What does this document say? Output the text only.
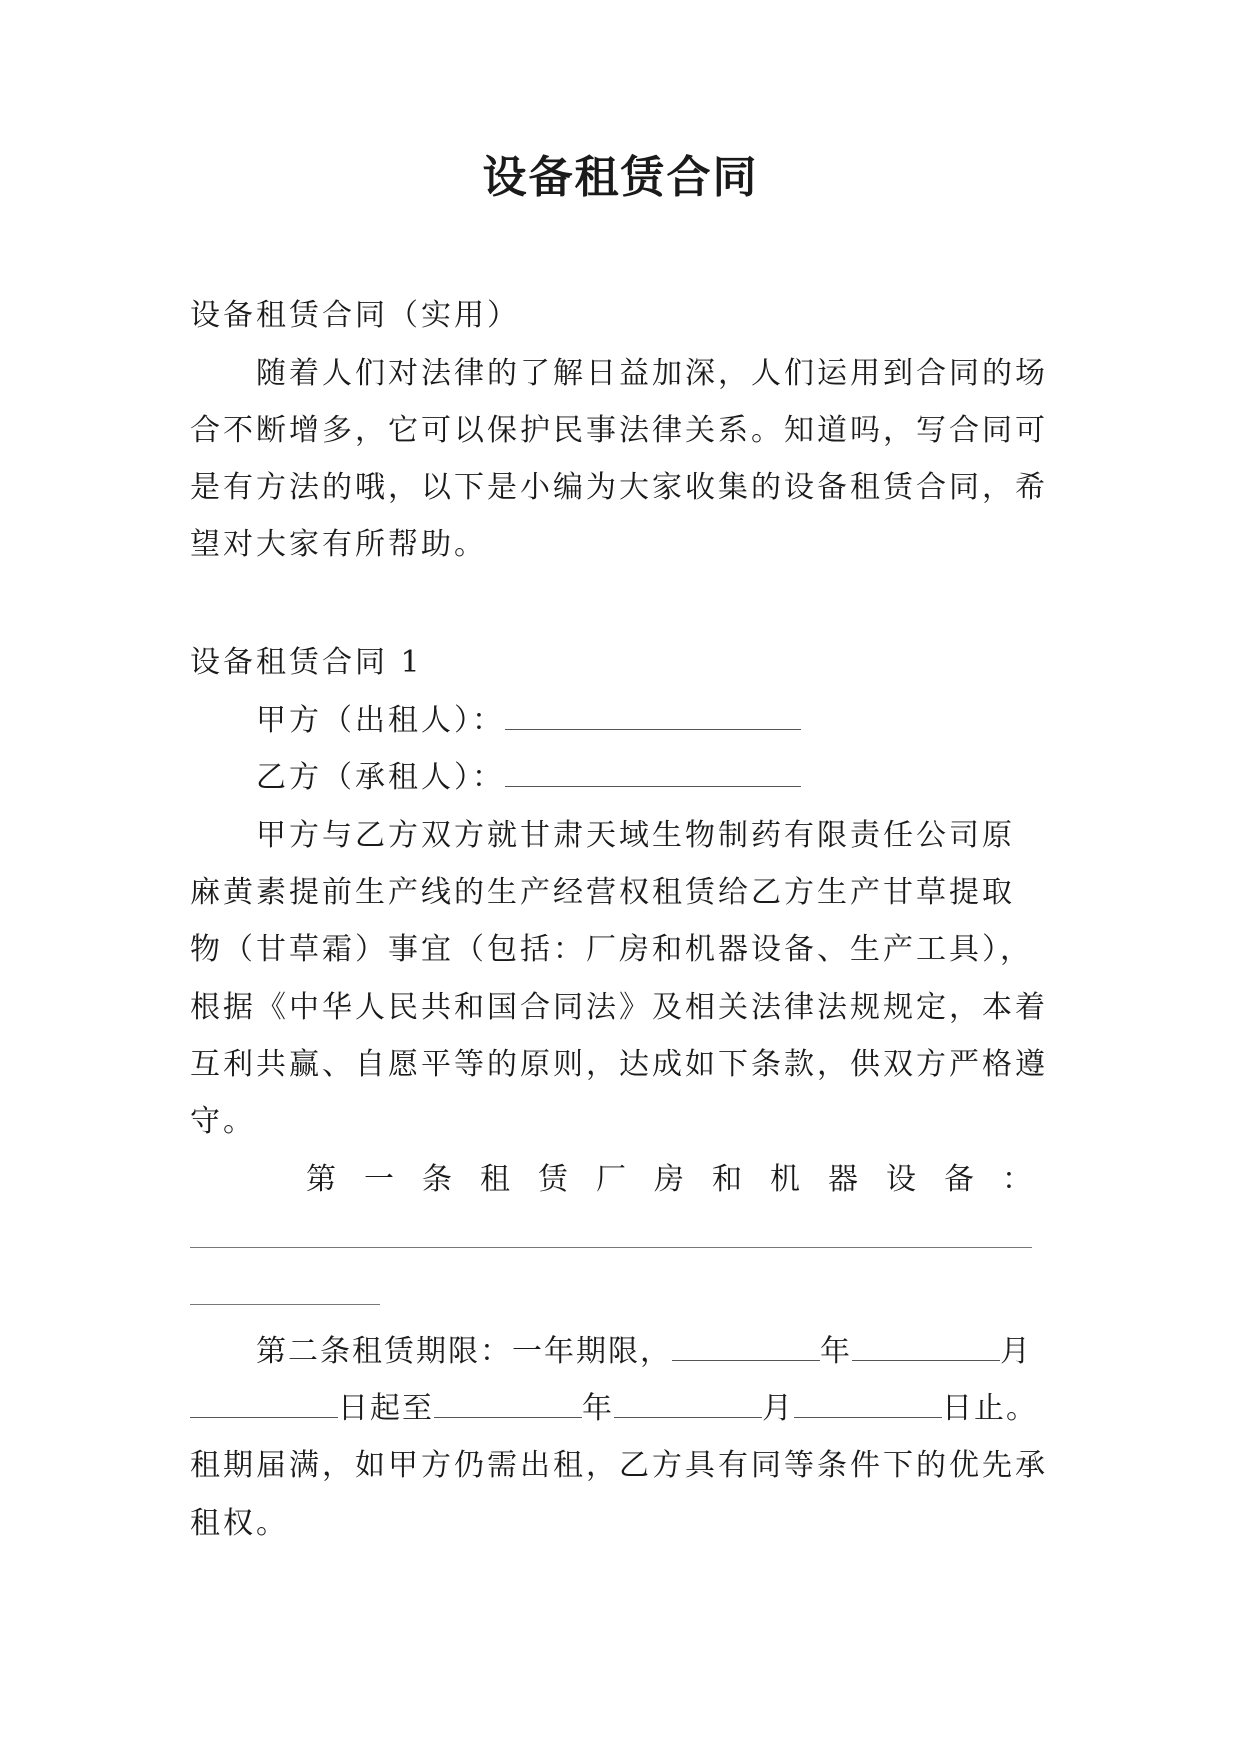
设备租赁合同
设备租赁合同（实用）
随着人们对法律的了解日益加深，人们运用到合同的场
合不断增多，它可以保护民事法律关系。知道吗，写合同可
是有方法的哦，以下是小编为大家收集的设备租赁合同，希
望对大家有所帮助。
设备租赁合同 1
甲方（出租人）：
乙方（承租人）：
甲方与乙方双方就甘肃天域生物制药有限责任公司原
麻黄素提前生产线的生产经营权租赁给乙方生产甘草提取
物（甘草霜）事宜（包括：厂房和机器设备、生产工具），
根据《中华人民共和国合同法》及相关法律法规规定，本着
互利共赢、自愿平等的原则，达成如下条款，供双方严格遵
守。
第 一 条 租 赁 厂 房 和 机 器 设 备 ：
第二条租赁期限：一年期限，	年	月
日起至	年	月	日止。
租期届满，如甲方仍需出租，乙方具有同等条件下的优先承
租权。
